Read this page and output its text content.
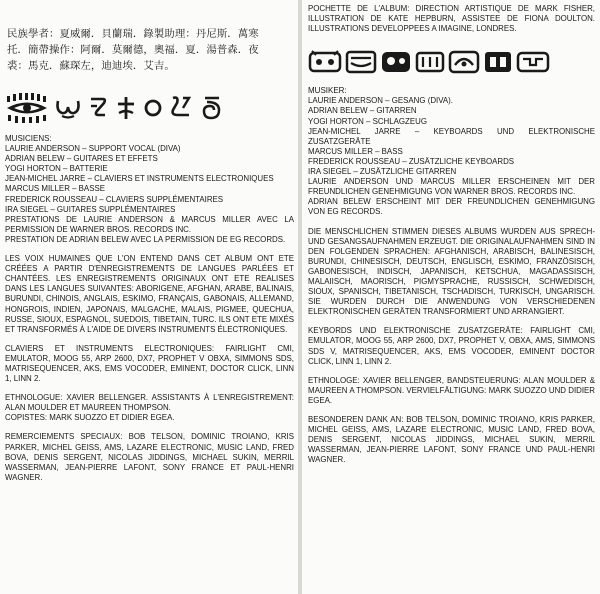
民族學者：夏威爾．貝蘭瑞．錄製助理：丹尼斯．萬寒
托．簡帶操作：阿爾．莫爾德，奧福．夏．湯普森．夜
裘：馬克．蘇琛左，迪迪埃．艾吉。
MUSICIENS:
LAURIE ANDERSON – SUPPORT VOCAL (DIVA)
ADRIAN BELEW – GUITARES ET EFFETS
YOGI HORTON – BATTERIE
JEAN-MICHEL JARRE – CLAVIERS ET INSTRUMENTS ELECTRONIQUES
MARCUS MILLER – BASSE
FREDERICK ROUSSEAU – CLAVIERS SUPPLÉMENTAIRES
IRA SIEGEL – GUITARES SUPPLÉMENTAIRES
PRESTATIONS DE LAURIE ANDERSON & MARCUS MILLER AVEC LA PERMISSION DE WARNER BROS. RECORDS INC.
PRESTATION DE ADRIAN BELEW AVEC LA PERMISSION DE EG RECORDS.

LES VOIX HUMAINES QUE L'ON ENTEND DANS CET ALBUM ONT ETE CRÉÉES A PARTIR D'ENREGISTREMENTS DE LANGUES PARLÉES ET CHANTÉES. LES ENREGISTREMENTS ORIGINAUX ONT ETE REALISES DANS LES LANGUES SUIVANTES: ABORIGENE, AFGHAN, ARABE, BALINAIS, BURUNDI, CHINOIS, ANGLAIS, ESKIMO, FRANÇAIS, GABONAIS, ALLEMAND, HONGROIS, INDIEN, JAPONAIS, MALGACHE, MALAIS, PIGMEE, QUECHUA, RUSSE, SIOUX, ESPAGNOL, SUEDOIS, TIBETAIN, TURC. ILS ONT ETE MIXÉS ET TRANSFORMÉS À L'AIDE DE DIVERS INSTRUMENTS ÉLECTRONIQUES.

CLAVIERS ET INSTRUMENTS ELECTRONIQUES: FAIRLIGHT CMI, EMULATOR, MOOG 55, ARP 2600, DX7, PROPHET V OBXA, SIMMONS SDS, MATRISEQUENCER, AKS, EMS VOCODER, EMINENT, DOCTOR CLICK, LINN 1, LINN 2.

ETHNOLOGUE: XAVIER BELLENGER. ASSISTANTS À L'ENREGISTREMENT: ALAN MOULDER ET MAUREEN THOMPSON.
COPISTES: MARK SUOZZO ET DIDIER EGEA.

REMERCIEMENTS SPECIAUX: BOB TELSON, DOMINIC TROIANO, KRIS PARKER, MICHEL GEISS, AMS, LAZARE ELECTRONIC, MUSIC LAND, FRED BOVA, DENIS SERGENT, NICOLAS JIDDINGS, MICHAEL SUKIN, MERRIL WASSERMAN, JEAN-PIERRE LAFONT, SONY FRANCE ET PAUL-HENRI WAGNER.

POCHETTE DE L'ALBUM: DIRECTION ARTISTIQUE DE MARK FISHER, ILLUSTRATION DE KATE HEPBURN, ASSISTEE DE FIONA DOULTON. ILLUSTRATIONS DEVELOPPEES A IMAGINE, LONDRES.

MUSIKER:
LAURIE ANDERSON – GESANG (DIVA).
ADRIAN BELEW – GITARREN
YOGI HORTON – SCHLAGZEUG
JEAN-MICHEL JARRE – KEYBOARDS UND ELEKTRONISCHE ZUSATZGERÄTE
MARCUS MILLER – BASS
FREDERICK ROUSSEAU – ZUSÄTZLICHE KEYBOARDS
IRA SIEGEL – ZUSÄTZLICHE GITARREN
LAURIE ANDERSON UND MARCUS MILLER ERSCHEINEN MIT DER FREUNDLICHEN GENEHMIGUNG VON WARNER BROS. RECORDS INC.
ADRIAN BELEW ERSCHEINT MIT DER FREUNDLICHEN GENEHMIGUNG VON EG RECORDS.

DIE MENSCHLICHEN STIMMEN DIESES ALBUMS WURDEN AUS SPRECH- UND GESANGSAUFNAHMEN ERZEUGT. DIE ORIGINALAUFNAHMEN SIND IN DEN FOLGENDEN SPRACHEN: AFGHANISCH, ARABISCH, BALINESISCH, BURUNDI, CHINESISCH, DEUTSCH, ENGLISCH, ESKIMO, FRANZÖSISCH, GABONESISCH, INDISCH, JAPANISCH, KETSCHUA, MAGADASSISCH, MALAIISCH, MAORISCH, PIGMYSPRACHE, RUSSISCH, SCHWEDISCH, SIOUX, SPANISCH, TIBETANISCH, TSCHADISCH, TURKISCH, UNGARISCH. SIE WURDEN DURCH DIE ANWENDUNG VON VERSCHIEDENEN ELEKTRONISCHEN GERÄTEN TRANSFORMIERT UND ARRANGIERT.

KEYBORDS UND ELEKTRONISCHE ZUSATZGERÄTE: FAIRLIGHT CMI, EMULATOR, MOOG 55, ARP 2600, DX7, PROPHET V, OBXA, AMS, SIMMONS SDS V, MATRISEQUENCER, AKS, EMS VOCODER, EMINENT DOCTOR CLICK, LINN 1, LINN 2.

ETHNOLOGE: XAVIER BELLENGER, BANDSTEUERUNG: ALAN MOULDER & MAUREEN A THOMPSON. VERVIELFÄLTIGUNG: MARK SUOZZO UND DIDIER EGEA.

BESONDEREN DANK AN: BOB TELSON, DOMINIC TROIANO, KRIS PARKER, MICHEL GEISS, AMS, LAZARE ELECTRONIC, MUSIC LAND, FRED BOVA, DENIS SERGENT, NICOLAS JIDDINGS, MICHAEL SUKIN, MERRIL WASSERMAN, JEAN-PIERRE LAFONT, SONY FRANCE UND PAUL-HENRI WAGNER.
